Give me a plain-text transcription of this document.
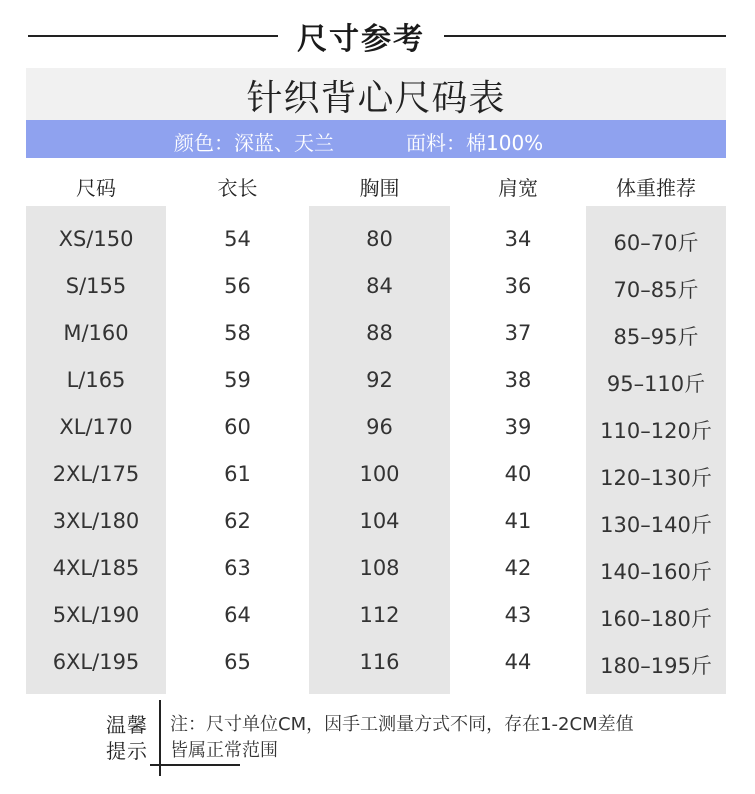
尺寸参考
针织背心尺码表
颜色：深蓝、天兰	面料：棉100%
尺码	衣长	胸围	肩宽	体重推荐
XS/150	54	80	34	60–70斤
S/155	56	84	36	70–85斤
M/160	58	88	37	85–95斤
L/165	59	92	38	95–110斤
XL/170	60	96	39	110–120斤
2XL/175	61	100	40	120–130斤
3XL/180	62	104	41	130–140斤
4XL/185	63	108	42	140–160斤
5XL/190	64	112	43	160–180斤
6XL/195	65	116	44	180–195斤
温馨
提示
注：尺寸单位CM，因手工测量方式不同，存在1-2CM差值
皆属正常范围
